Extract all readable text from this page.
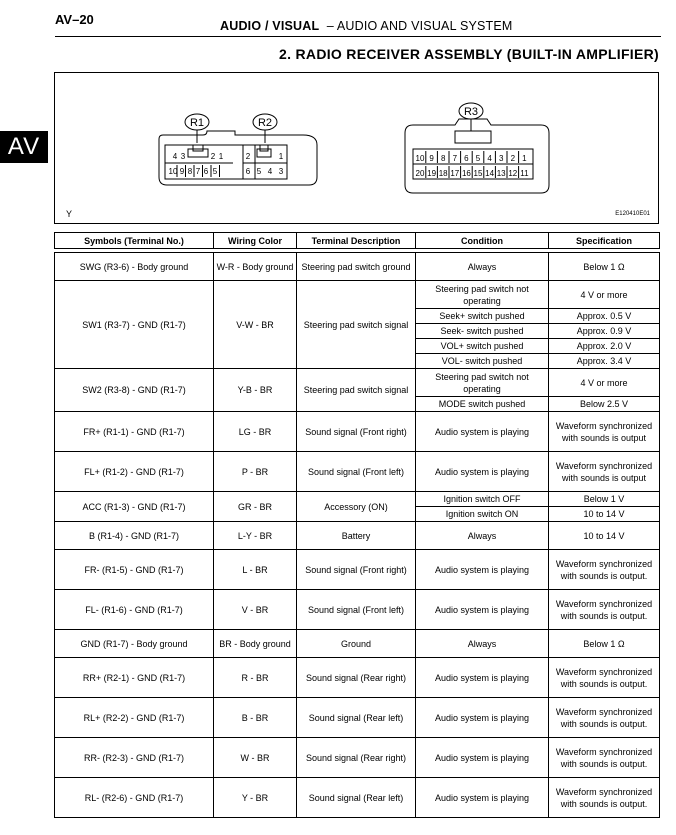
AV–20	AUDIO / VISUAL – AUDIO AND VISUAL SYSTEM
2. RADIO RECEIVER ASSEMBLY (BUILT-IN AMPLIFIER)
AV
R1	R2
4 3	2 1
10 9 8 7 6 5
2	1
6 5 4 3
R3
10 9 8 7 6 5 4 3 2 1
20 19 18 17 16 15 14 13 12 11
Y	E120410E01
Symbols (Terminal No.)	Wiring Color	Terminal Description	Condition	Specification

SWG (R3-6) - Body ground	W-R - Body ground	Steering pad switch ground	Always	Below 1 Ω
SW1 (R3-7) - GND (R1-7)	V-W - BR	Steering pad switch signal	Steering pad switch not operating	4 V or more
			Seek+ switch pushed	Approx. 0.5 V
			Seek- switch pushed	Approx. 0.9 V
			VOL+ switch pushed	Approx. 2.0 V
			VOL- switch pushed	Approx. 3.4 V
SW2 (R3-8) - GND (R1-7)	Y-B - BR	Steering pad switch signal	Steering pad switch not operating	4 V or more
			MODE switch pushed	Below 2.5 V
FR+ (R1-1) - GND (R1-7)	LG - BR	Sound signal (Front right)	Audio system is playing	Waveform synchronized with sounds is output
FL+ (R1-2) - GND (R1-7)	P - BR	Sound signal (Front left)	Audio system is playing	Waveform synchronized with sounds is output
ACC (R1-3) - GND (R1-7)	GR - BR	Accessory (ON)	Ignition switch OFF	Below 1 V
			Ignition switch ON	10 to 14 V
B (R1-4) - GND (R1-7)	L-Y - BR	Battery	Always	10 to 14 V
FR- (R1-5) - GND (R1-7)	L - BR	Sound signal (Front right)	Audio system is playing	Waveform synchronized with sounds is output.
FL- (R1-6) - GND (R1-7)	V - BR	Sound signal (Front left)	Audio system is playing	Waveform synchronized with sounds is output.
GND (R1-7) - Body ground	BR - Body ground	Ground	Always	Below 1 Ω
RR+ (R2-1) - GND (R1-7)	R - BR	Sound signal (Rear right)	Audio system is playing	Waveform synchronized with sounds is output.
RL+ (R2-2) - GND (R1-7)	B - BR	Sound signal (Rear left)	Audio system is playing	Waveform synchronized with sounds is output.
RR- (R2-3) - GND (R1-7)	W - BR	Sound signal (Rear right)	Audio system is playing	Waveform synchronized with sounds is output.
RL- (R2-6) - GND (R1-7)	Y - BR	Sound signal (Rear left)	Audio system is playing	Waveform synchronized with sounds is output.
